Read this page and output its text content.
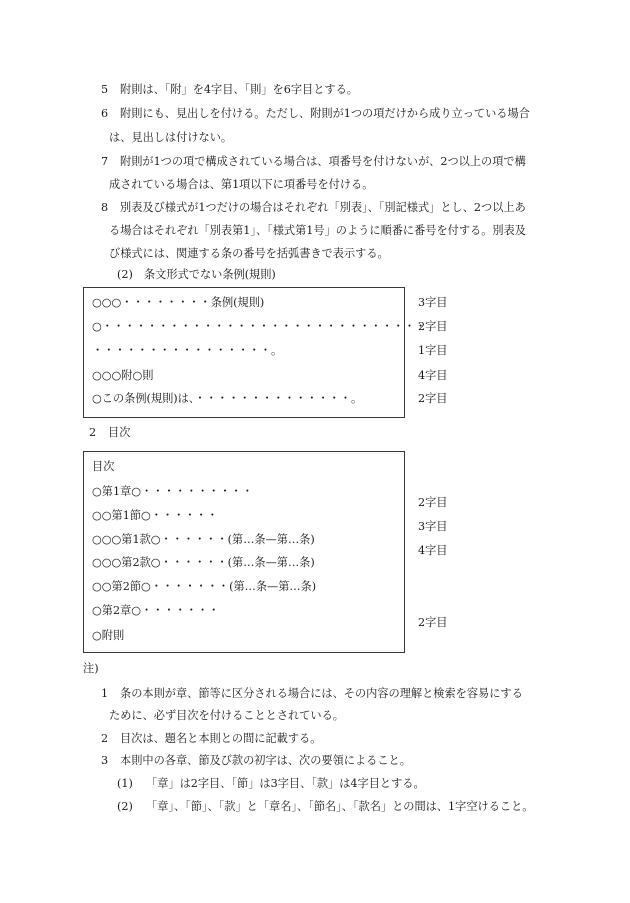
5 附則は、「附」を4字目、「則」を6字目とする。
6 附則にも、見出しを付ける。ただし、附則が1つの項だけから成り立っている場合
は、見出しは付けない。
7 附則が1つの項で構成されている場合は、項番号を付けないが、2つ以上の項で構
成されている場合は、第1項以下に項番号を付ける。
8 別表及び様式が1つだけの場合はそれぞれ「別表」、「別記様式」とし、2つ以上あ
る場合はそれぞれ「別表第1」、「様式第1号」のように順番に番号を付する。別表及
び様式には、関連する条の番号を括弧書きで表示する。
(2) 条文形式でない条例(規則)
○○○・・・・・・・・条例(規則)
○・・・・・・・・・・・・・・・・・・・・・・・・・・・・・
・・・・・・・・・・・・・・・・。
○○○附○則
○この条例(規則)は、・・・・・・・・・・・・・・。
3字目
2字目
1字目
4字目
2字目
2 目次
目次
○第1章○・・・・・・・・・・
○○第1節○・・・・・・
○○○第1款○・・・・・・(第…条—第…条)
○○○第2款○・・・・・・(第…条—第…条)
○○第2節○・・・・・・・(第…条—第…条)
○第2章○・・・・・・・
○附則
2字目
3字目
4字目
2字目
注)
1 条の本則が章、節等に区分される場合には、その内容の理解と検索を容易にする
ために、必ず目次を付けることとされている。
2 目次は、題名と本則との間に記載する。
3 本則中の各章、節及び款の初字は、次の要領によること。
(1) 「章」は2字目、「節」は3字目、「款」は4字目とする。
(2) 「章」、「節」、「款」と「章名」、「節名」、「款名」との間は、1字空けること。
